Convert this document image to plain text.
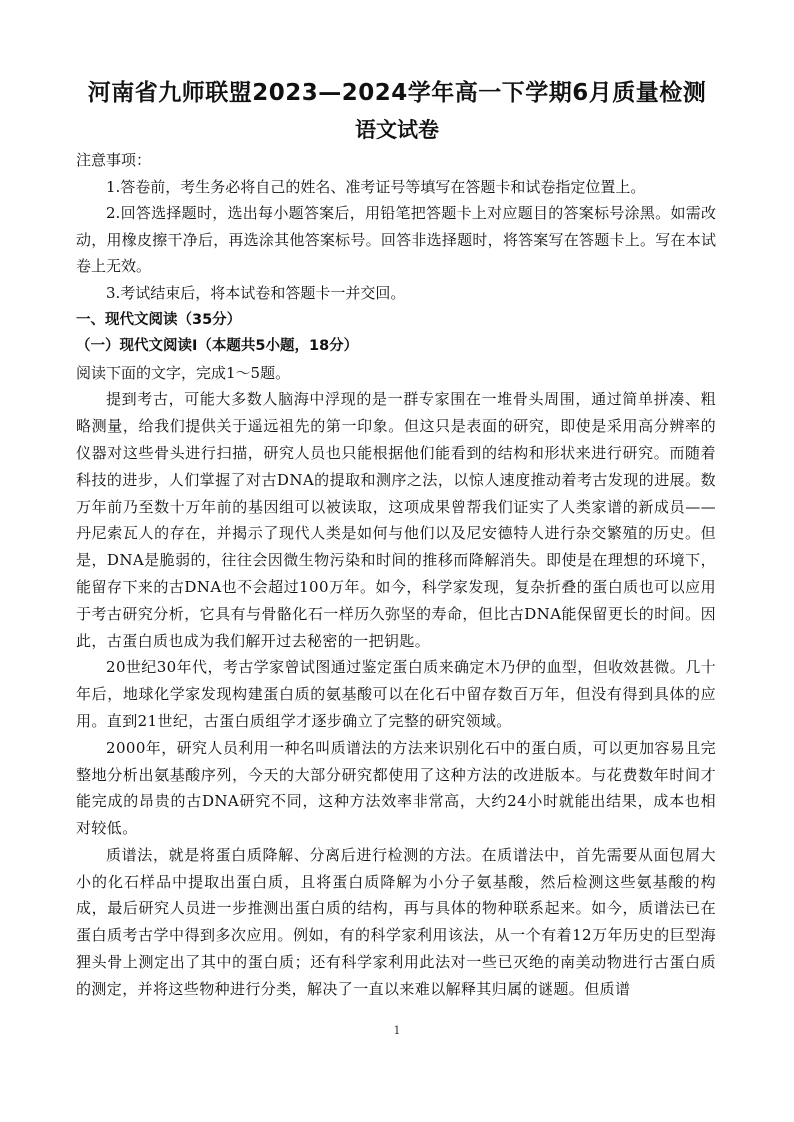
河南省九师联盟2023—2024学年高一下学期6月质量检测
语文试卷

注意事项：

1.答卷前，考生务必将自己的姓名、准考证号等填写在答题卡和试卷指定位置上。

2.回答选择题时，选出每小题答案后，用铅笔把答题卡上对应题目的答案标号涂黑。如需改动，用橡皮擦干净后，再选涂其他答案标号。回答非选择题时，将答案写在答题卡上。写在本试卷上无效。

3.考试结束后，将本试卷和答题卡一并交回。

一、现代文阅读（35分）

（一）现代文阅读Ⅰ（本题共5小题，18分）

阅读下面的文字，完成1～5题。

提到考古，可能大多数人脑海中浮现的是一群专家围在一堆骨头周围，通过简单拼凑、粗略测量，给我们提供关于遥远祖先的第一印象。但这只是表面的研究，即使是采用高分辨率的仪器对这些骨头进行扫描，研究人员也只能根据他们能看到的结构和形状来进行研究。而随着科技的进步，人们掌握了对古DNA的提取和测序之法，以惊人速度推动着考古发现的进展。数万年前乃至数十万年前的基因组可以被读取，这项成果曾帮我们证实了人类家谱的新成员——丹尼索瓦人的存在，并揭示了现代人类是如何与他们以及尼安德特人进行杂交繁殖的历史。但是，DNA是脆弱的，往往会因微生物污染和时间的推移而降解消失。即使是在理想的环境下，能留存下来的古DNA也不会超过100万年。如今，科学家发现，复杂折叠的蛋白质也可以应用于考古研究分析，它具有与骨骼化石一样历久弥坚的寿命，但比古DNA能保留更长的时间。因此，古蛋白质也成为我们解开过去秘密的一把钥匙。

20世纪30年代，考古学家曾试图通过鉴定蛋白质来确定木乃伊的血型，但收效甚微。几十年后，地球化学家发现构建蛋白质的氨基酸可以在化石中留存数百万年，但没有得到具体的应用。直到21世纪，古蛋白质组学才逐步确立了完整的研究领域。

2000年，研究人员利用一种名叫质谱法的方法来识别化石中的蛋白质，可以更加容易且完整地分析出氨基酸序列，今天的大部分研究都使用了这种方法的改进版本。与花费数年时间才能完成的昂贵的古DNA研究不同，这种方法效率非常高，大约24小时就能出结果，成本也相对较低。

质谱法，就是将蛋白质降解、分离后进行检测的方法。在质谱法中，首先需要从面包屑大小的化石样品中提取出蛋白质，且将蛋白质降解为小分子氨基酸，然后检测这些氨基酸的构成，最后研究人员进一步推测出蛋白质的结构，再与具体的物种联系起来。如今，质谱法已在蛋白质考古学中得到多次应用。例如，有的科学家利用该法，从一个有着12万年历史的巨型海狸头骨上测定出了其中的蛋白质；还有科学家利用此法对一些已灭绝的南美动物进行古蛋白质的测定，并将这些物种进行分类，解决了一直以来难以解释其归属的谜题。但质谱

1
